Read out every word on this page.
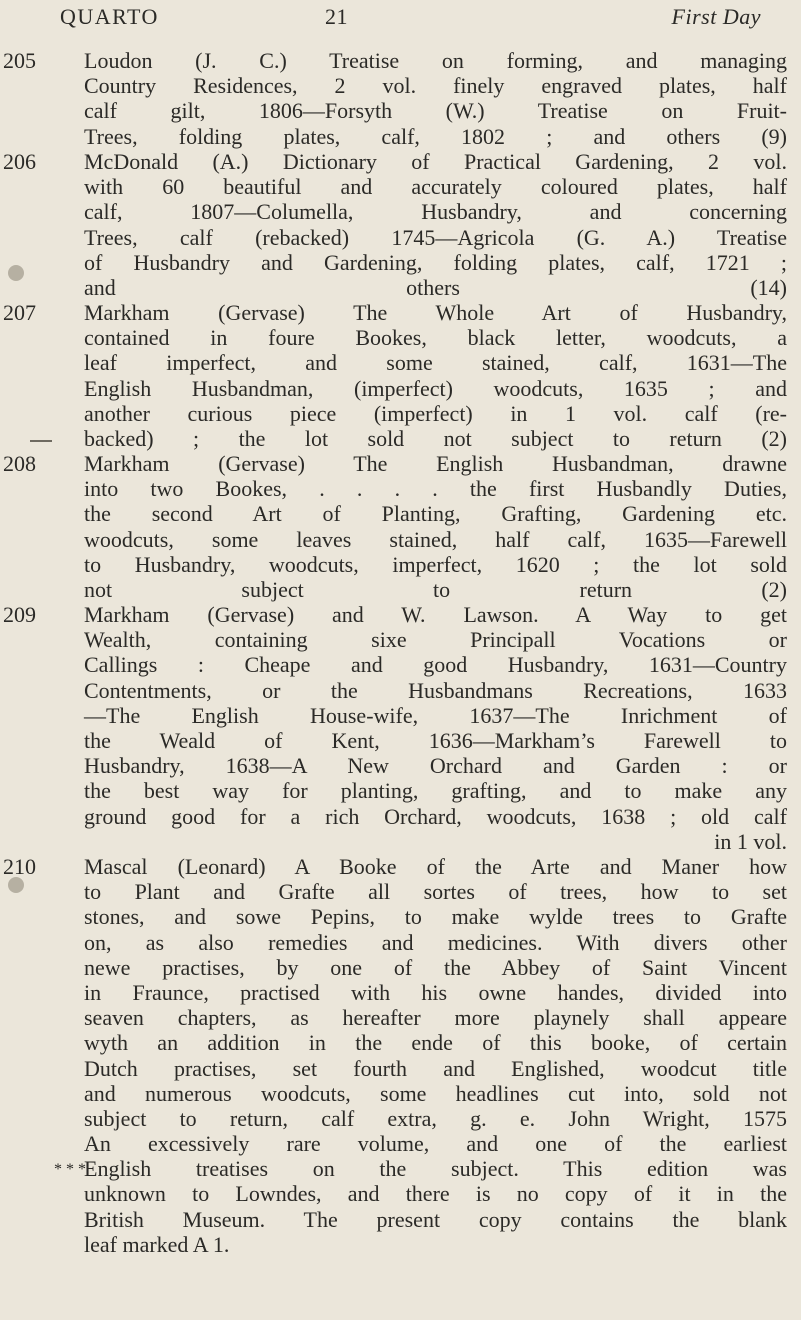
QUARTO	21	First Day
* * *
205 Loudon (J. C.) Treatise on forming, and managing
Country Residences, 2 vol. finely engraved plates, half
calf gilt, 1806—Forsyth (W.) Treatise on Fruit-
Trees, folding plates, calf, 1802 ; and others (9)
206 McDonald (A.) Dictionary of Practical Gardening, 2 vol.
with 60 beautiful and accurately coloured plates, half
calf, 1807—Columella, Husbandry, and concerning
Trees, calf (rebacked) 1745—Agricola (G. A.) Treatise
of Husbandry and Gardening, folding plates, calf, 1721 ;
and others (14)
207 Markham (Gervase) The Whole Art of Husbandry,
contained in foure Bookes, black letter, woodcuts, a
leaf imperfect, and some stained, calf, 1631—The
English Husbandman, (imperfect) woodcuts, 1635 ; and
another curious piece (imperfect) in 1 vol. calf (re-
backed) ; the lot sold not subject to return (2)
208 Markham (Gervase) The English Husbandman, drawne
into two Bookes, . . . . the first Husbandly Duties,
the second Art of Planting, Grafting, Gardening etc.
woodcuts, some leaves stained, half calf, 1635—Farewell
to Husbandry, woodcuts, imperfect, 1620 ; the lot sold
not subject to return (2)
209 Markham (Gervase) and W. Lawson. A Way to get
Wealth, containing sixe Principall Vocations or
Callings : Cheape and good Husbandry, 1631—Country
Contentments, or the Husbandmans Recreations, 1633
—The English House-wife, 1637—The Inrichment of
the Weald of Kent, 1636—Markham’s Farewell to
Husbandry, 1638—A New Orchard and Garden : or
the best way for planting, grafting, and to make any
ground good for a rich Orchard, woodcuts, 1638 ; old calf
in 1 vol.
210 Mascal (Leonard) A Booke of the Arte and Maner how
to Plant and Grafte all sortes of trees, how to set
stones, and sowe Pepins, to make wylde trees to Grafte
on, as also remedies and medicines. With divers other
newe practises, by one of the Abbey of Saint Vincent
in Fraunce, practised with his owne handes, divided into
seaven chapters, as hereafter more playnely shall appeare
wyth an addition in the ende of this booke, of certain
Dutch practises, set fourth and Englished, woodcut title
and numerous woodcuts, some headlines cut into, sold not
subject to return, calf extra, g. e. John Wright, 1575
An excessively rare volume, and one of the earliest
English treatises on the subject. This edition was
unknown to Lowndes, and there is no copy of it in the
British Museum. The present copy contains the blank
leaf marked A 1.
